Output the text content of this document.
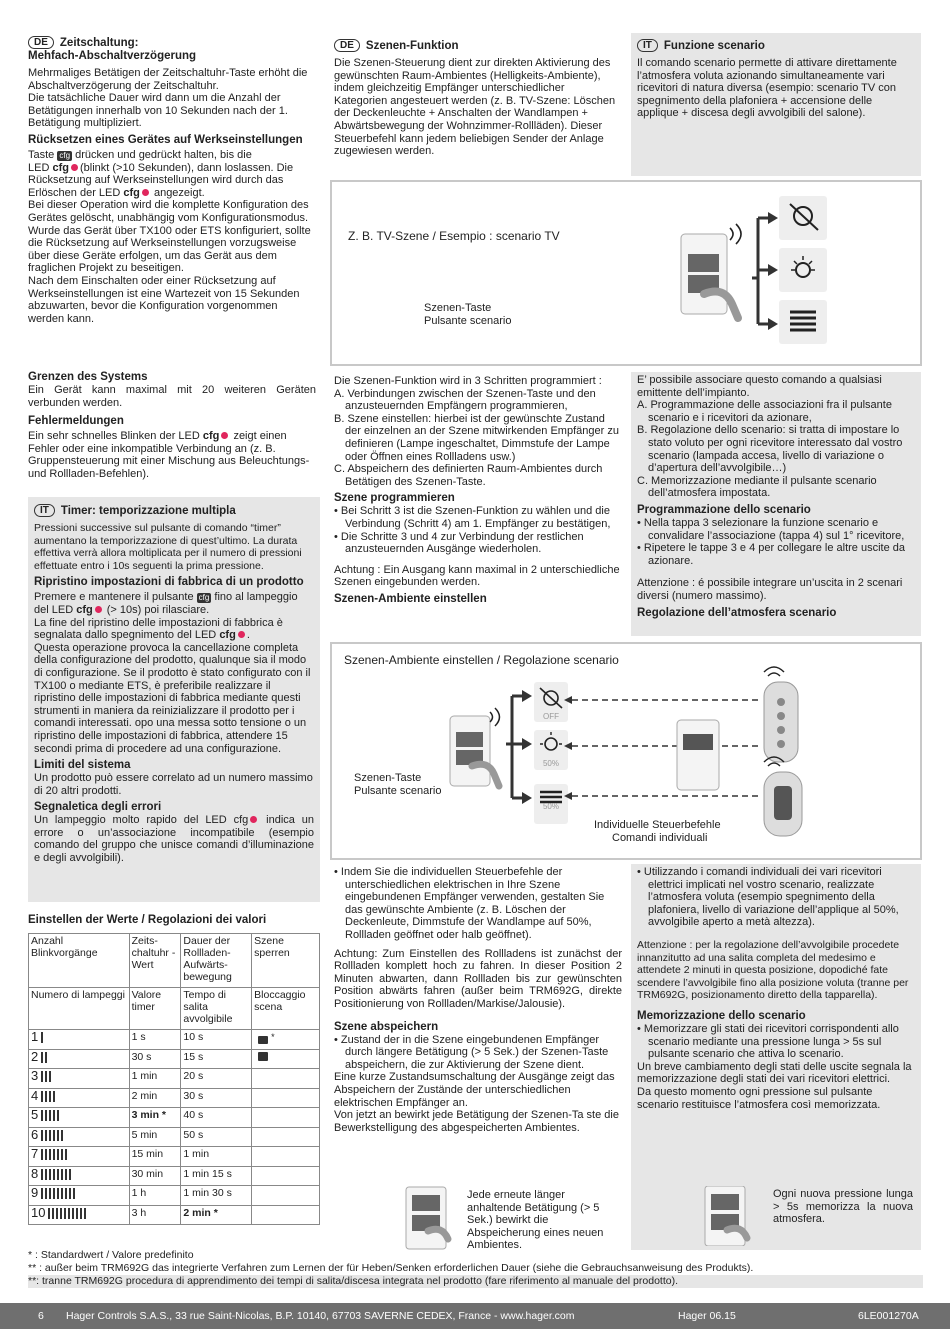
DE Zeitschaltung:
Mehfach-Abschaltverzögerung

Mehrmaliges Betätigen der Zeitschaltuhr-Taste erhöht die Abschaltverzögerung der Zeitschaltuhr.

Die tatsächliche Dauer wird dann um die Anzahl der Betätigungen innerhalb von 10 Sekunden nach der 1. Betätigung multipliziert.

Rücksetzen eines Gerätes auf Werkseinstellungen

Taste cfg drücken und gedrückt halten, bis die
LED cfg (blinkt (>10 Sekunden), dann loslassen. Die Rücksetzung auf Werkseinstellungen wird durch das Erlöschen der LED cfg angezeigt.

Bei dieser Operation wird die komplette Konfiguration des Gerätes gelöscht, unabhängig vom Konfigurationsmodus.

Wurde das Gerät über TX100 oder ETS konfiguriert, sollte die Rücksetzung auf Werkseinstellungen vorzugsweise über diese Geräte erfolgen, um das Gerät aus dem fraglichen Projekt zu beseitigen.

Nach dem Einschalten oder einer Rücksetzung auf Werkseinstellungen ist eine Wartezeit von 15 Sekunden abzuwarten, bevor die Konfiguration vorgenommen werden kann.

Grenzen des Systems

Ein Gerät kann maximal mit 20 weiteren Geräten verbunden werden.

Fehlermeldungen

Ein sehr schnelles Blinken der LED cfg zeigt einen Fehler oder eine inkompatible Verbindung an (z. B. Gruppensteuerung mit einer Mischung aus Beleuchtungs- und Rollladen-Befehlen).

IT Timer: temporizzazione multipla

Pressioni successive sul pulsante di comando “timer” aumentano la temporizzazione di quest’ultimo. La durata effettiva verrà allora moltiplicata per il numero di pressioni effettuate entro i 10s seguenti la prima pressione.

Ripristino impostazioni di fabbrica di un prodotto

Premere e mantenere il pulsante cfg fino al lampeggio del LED cfg (> 10s) poi rilasciare.
La fine del ripristino delle impostazioni di fabbrica è segnalata dallo spegnimento del LED cfg .

Questa operazione provoca la cancellazione completa della configurazione del prodotto, qualunque sia il modo di configurazione. Se il prodotto è stato configurato con il TX100 o mediante ETS, è preferibile realizzare il ripristino delle impostazioni di fabbrica mediante questi strumenti in maniera da reinizializzare il prodotto per i comandi interessati. opo una messa sotto tensione o un ripristino delle impostazioni di fabbrica, attendere 15 secondi prima di procedere ad una configurazione.

Limiti del sistema

Un prodotto può essere correlato ad un numero massimo di 20 altri prodotti.

Segnaletica degli errori

Un lampeggio molto rapido del LED cfg indica un errore o un’associazione incompatibile (esempio comando del gruppo che unisce comandi d’illuminazione e degli avvolgibili).

Einstellen der Werte / Regolazioni dei valori
Anzahl Blinkvorgänge	Zeits-chaltuhr -Wert	Dauer der Rollladen-Aufwärts-bewegung	Szene sperren
Numero di lampeggi	Valore timer	Tempo di salita avvolgibile	Bloccaggio scena
1	1 s	10 s	*
2	30 s	15 s	
3	1 min	20 s	
4	2 min	30 s	
5	3 min *	40 s	
6	5 min	50 s	
7	15 min	1 min	
8	30 min	1 min 15 s	
9	1 h	1 min 30 s	
10	3 h	2 min *	
DE Szenen-Funktion

Die Szenen-Steuerung dient zur direkten Aktivierung des gewünschten Raum-Ambientes (Helligkeits-Ambiente), indem gleichzeitig Empfänger unterschiedlicher Kategorien angesteuert werden (z. B. TV-Szene: Löschen der Deckenleuchte + Anschalten der Wandlampen + Abwärtsbewegung der Wohnzimmer-Rollläden). Dieser Steuerbefehl kann jedem beliebigen Sender der Anlage zugewiesen werden.

IT Funzione scenario

Il comando scenario permette di attivare direttamente l’atmosfera voluta azionando simultaneamente vari ricevitori di natura diversa (esempio: scenario TV con spegnimento della plafoniera + accensione delle applique + discesa degli avvolgibili del salone).

Z. B. TV-Szene / Esempio : scenario TV
Szenen-Taste
Pulsante scenario

Die Szenen-Funktion wird in 3 Schritten programmiert :

A. Verbindungen zwischen der Szenen-Taste und den anzusteuernden Empfängern programmieren,

B. Szene einstellen: hierbei ist der gewünschte Zustand der einzelnen an der Szene mitwirkenden Empfänger zu definieren (Lampe ingeschaltet, Dimmstufe der Lampe oder Öffnen eines Rollladens usw.)

C. Abspeichern des definierten Raum-Ambientes durch Betätigen des Szenen-Taste.

Szene programmieren

• Bei Schritt 3 ist die Szenen-Funktion zu wählen und die Verbindung (Schritt 4) am 1. Empfänger zu bestätigen,

• Die Schritte 3 und 4 zur Verbindung der restlichen anzusteuernden Ausgänge wiederholen.

Achtung : Ein Ausgang kann maximal in 2 unterschiedliche Szenen eingebunden werden.

Szenen-Ambiente einstellen

E’ possibile associare questo comando a qualsiasi emittente dell’impianto.

A. Programmazione delle associazioni fra il pulsante scenario e i ricevitori da azionare,

B. Regolazione dello scenario: si tratta di impostare lo stato voluto per ogni ricevitore interessato dal vostro scenario (lampada accesa, livello di variazione o d’apertura dell’avvolgibile…)

C. Memorizzazione mediante il pulsante scenario dell’atmosfera impostata.

Programmazione dello scenario

• Nella tappa 3 selezionare la funzione scenario e convalidare l’associazione (tappa 4) sul 1° ricevitore,

• Ripetere le tappe 3 e 4 per collegare le altre uscite da azionare.

Attenzione : é possibile integrare un’uscita in 2 scenari diversi (numero massimo).

Regolazione dell’atmosfera scenario
Szenen-Ambiente einstellen / Regolazione scenario
Szenen-Taste
Pulsante scenario
Individuelle Steuerbefehle
Comandi individuali
OFF
50%
50%

• Indem Sie die individuellen Steuerbefehle der unterschiedlichen elektrischen in Ihre Szene eingebundenen Empfänger verwenden, gestalten Sie das gewünschte Ambiente (z. B. Löschen der Deckenleute, Dimmstufe der Wandlampe auf 50%, Rollladen geöffnet oder halb geöffnet).

Achtung: Zum Einstellen des Rollladens ist zunächst der Rollladen komplett hoch zu fahren. In dieser Position 2 Minuten abwarten, dann Rollladen bis zur gewünschten Position abwärts fahren (außer beim TRM692G, direkte Positionierung von Rollladen/Markise/Jalousie).

Szene abspeichern

• Zustand der in die Szene eingebundenen Empfänger durch längere Betätigung (> 5 Sek.) der Szenen-Taste abspeichern, die zur Aktivierung der Szene dient.

Eine kurze Zustandsumschaltung der Ausgänge zeigt das Abspeichern der Zustände der unterschiedlichen elektrischen Empfänger an.

Von jetzt an bewirkt jede Betätigung der Szenen-Ta ste die Bewerkstelligung des abgespeicherten Ambientes.

Jede erneute länger anhaltende Betätigung (> 5 Sek.) bewirkt die Abspeicherung eines neuen Ambientes.

• Utilizzando i comandi individuali dei vari ricevitori elettrici implicati nel vostro scenario, realizzate l’atmosfera voluta (esempio spegnimento della plafoniera, livello di variazione dell’applique al 50%, avvolgibile aperto a metà altezza).

Attenzione : per la regolazione dell’avvolgibile procedete innanzitutto ad una salita completa del medesimo e attendete 2 minuti in questa posizione, dopodiché fate scendere l’avvolgibile fino alla posizione voluta (tranne per TRM692G, posizionamento diretto della tapparella).

Memorizzazione dello scenario

• Memorizzare gli stati dei ricevitori corrispondenti allo scenario mediante una pressione lunga > 5s sul pulsante scenario che attiva lo scenario.

Un breve cambiamento degli stati delle uscite segnala la memorizzazione degli stati dei vari ricevitori elettrici.

Da questo momento ogni pressione sul pulsante scenario restituisce l’atmosfera così memorizzata.

Ogni nuova pressione lunga > 5s memorizza la nuova atmosfera.

* : Standardwert / Valore predefinito

** : außer beim TRM692G das integrierte Verfahren zum Lernen der für Heben/Senken erforderlichen Dauer (siehe die Gebrauchsanweisung des Produkts).

**: tranne TRM692G procedura di apprendimento dei tempi di salita/discesa integrata nel prodotto (fare riferimento al manuale del prodotto).

6 Hager Controls S.A.S., 33 rue Saint-Nicolas, B.P. 10140, 67703 SAVERNE CEDEX, France - www.hager.com	Hager 06.15	6LE001270A
